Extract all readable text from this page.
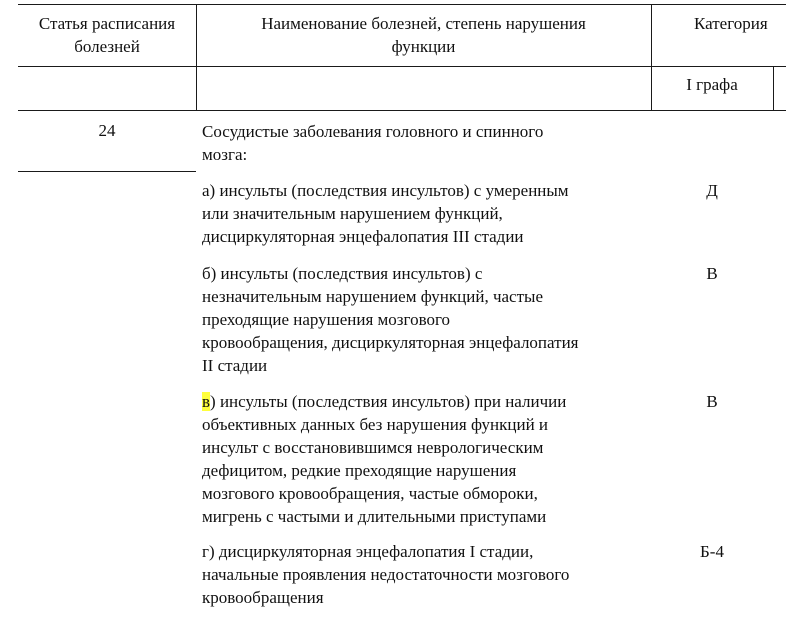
Статья расписания
болезней
Наименование болезней, степень нарушения
функции
Категория
I графа
24	Сосудистые заболевания головного и спинного
мозга:
а) инсульты (последствия инсультов) с умеренным
или значительным нарушением функций,
дисциркуляторная энцефалопатия III стадии
Д
б) инсульты (последствия инсультов) с
незначительным нарушением функций, частые
преходящие нарушения мозгового
кровообращения, дисциркуляторная энцефалопатия
II стадии
В
в) инсульты (последствия инсультов) при наличии
объективных данных без нарушения функций и
инсульт с восстановившимся неврологическим
дефицитом, редкие преходящие нарушения
мозгового кровообращения, частые обмороки,
мигрень с частыми и длительными приступами
В
г) дисциркуляторная энцефалопатия I стадии,
начальные проявления недостаточности мозгового
кровообращения
Б-4
